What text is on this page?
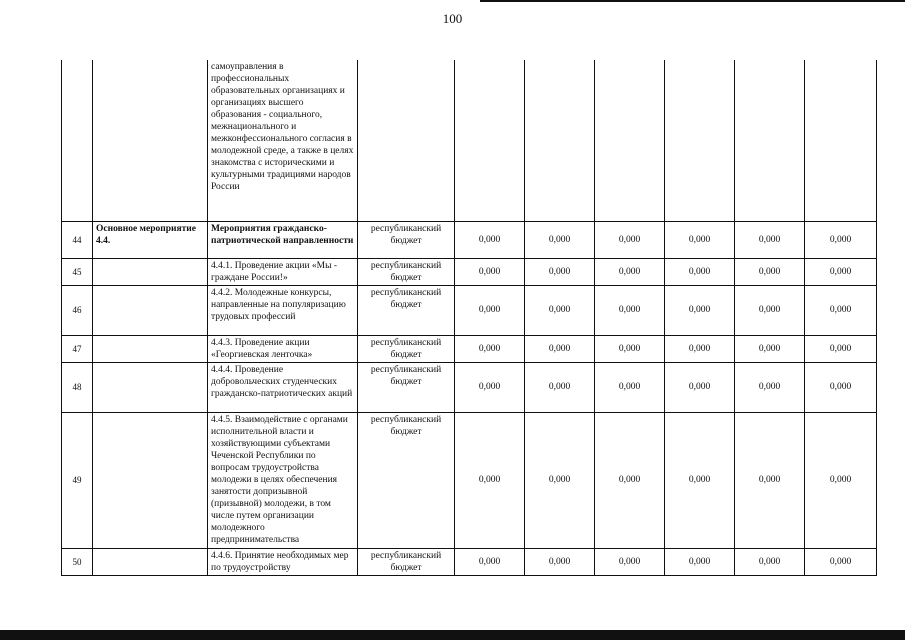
100
		самоуправления в профессиональных образовательных организациях и организациях высшего образования - социального, межнационального и межконфессионального согласия в молодежной среде, а также в целях знакомства с историческими и культурными традициями народов России							
44	Основное мероприятие 4.4.	Мероприятия гражданско-патриотической направленности	республиканский бюджет	0,000	0,000	0,000	0,000	0,000	0,000
45		4.4.1. Проведение акции «Мы - граждане России!»	республиканский бюджет	0,000	0,000	0,000	0,000	0,000	0,000
46		4.4.2. Молодежные конкурсы, направленные на популяризацию трудовых профессий	республиканский бюджет	0,000	0,000	0,000	0,000	0,000	0,000
47		4.4.3. Проведение акции «Георгиевская ленточка»	республиканский бюджет	0,000	0,000	0,000	0,000	0,000	0,000
48		4.4.4. Проведение добровольческих студенческих гражданско-патриотических акций	республиканский бюджет	0,000	0,000	0,000	0,000	0,000	0,000
49		4.4.5. Взаимодействие с органами исполнительной власти и хозяйствующими субъектами Чеченской Республики по вопросам трудоустройства молодежи в целях обеспечения занятости допризывной (призывной) молодежи, в том числе путем организации молодежного предпринимательства	республиканский бюджет	0,000	0,000	0,000	0,000	0,000	0,000
50		4.4.6. Принятие необходимых мер по трудоустройству	республиканский бюджет	0,000	0,000	0,000	0,000	0,000	0,000
